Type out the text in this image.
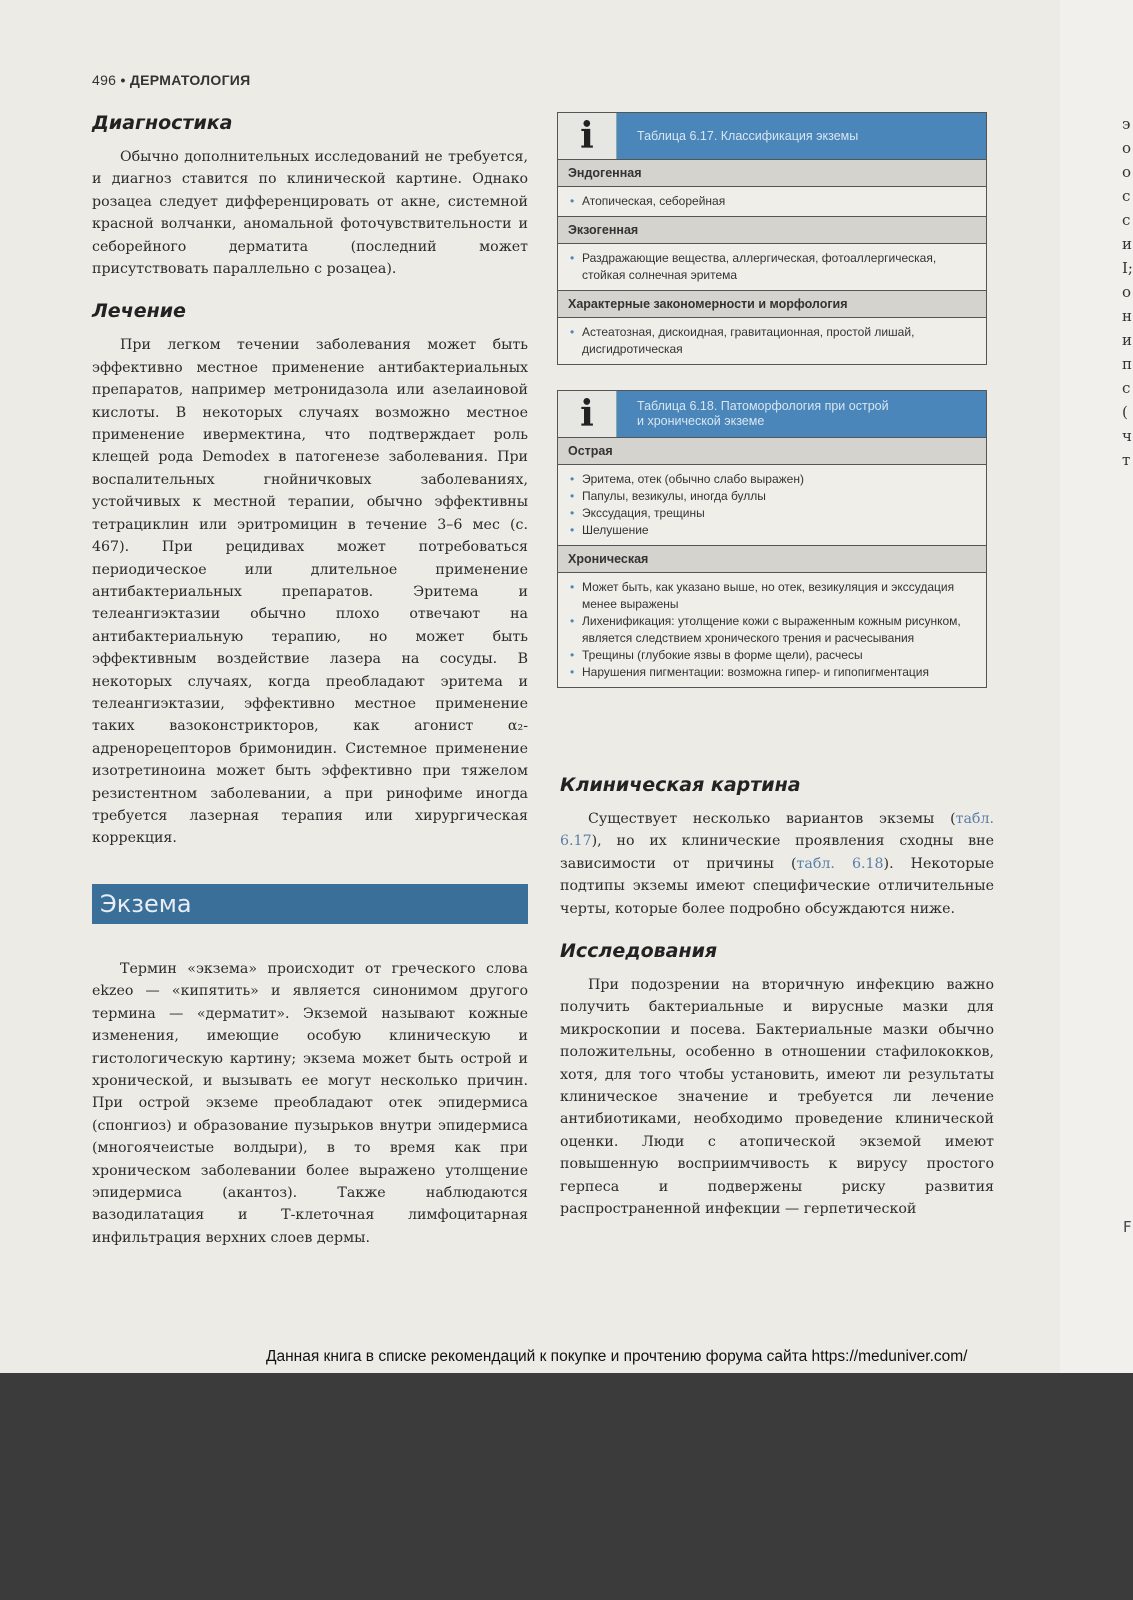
э
о
о
с
с
и
I;
о
н
и
п
с
(
ч
т
F
496 • ДЕРМАТОЛОГИЯ
Диагностика

Обычно дополнительных исследований не требуется, и диагноз ставится по клинической картине. Однако розацеа следует дифференцировать от акне, системной красной волчанки, аномальной фоточувствительности и себорейного дерматита (последний может присутствовать параллельно с розацеа).

Лечение

При легком течении заболевания может быть эффективно местное применение антибактериальных препаратов, например метронидазола или азелаиновой кислоты. В некоторых случаях возможно местное применение ивермектина, что подтверждает роль клещей рода Demodex в патогенезе заболевания. При воспалительных гнойничковых заболеваниях, устойчивых к местной терапии, обычно эффективны тетрациклин или эритромицин в течение 3–6 мес (с. 467). При рецидивах может потребоваться периодическое или длительное применение антибактериальных препаратов. Эритема и телеангиэктазии обычно плохо отвечают на антибактериальную терапию, но может быть эффективным воздействие лазера на сосуды. В некоторых случаях, когда преобладают эритема и телеангиэктазии, эффективно местное применение таких вазоконстрикторов, как агонист α₂-адренорецепторов бримонидин. Системное применение изотретиноина может быть эффективно при тяжелом резистентном заболевании, а при ринофиме иногда требуется лазерная терапия или хирургическая коррекция.

Экзема

Термин «экзема» происходит от греческого слова ekzeo — «кипятить» и является синонимом другого термина — «дерматит». Экземой называют кожные изменения, имеющие особую клиническую и гистологическую картину; экзема может быть острой и хронической, и вызывать ее могут несколько причин. При острой экземе преобладают отек эпидермиса (спонгиоз) и образование пузырьков внутри эпидермиса (многоячеистые волдыри), в то время как при хроническом заболевании более выражено утолщение эпидермиса (акантоз). Также наблюдаются вазодилатация и Т-клеточная лимфоцитарная инфильтрация верхних слоев дермы.

i	Таблица 6.17. Классификация экземы
Эндогенная
• Атопическая, себорейная
Экзогенная
• Раздражающие вещества, аллергическая, фотоаллергическая, стойкая солнечная эритема
Характерные закономерности и морфология
• Астеатозная, дискоидная, гравитационная, простой лишай, дисгидротическая
i	Таблица 6.18. Патоморфология при острой
и хронической экземе
Острая
• Эритема, отек (обычно слабо выражен)
• Папулы, везикулы, иногда буллы
• Экссудация, трещины
• Шелушение
Хроническая
• Может быть, как указано выше, но отек, везикуляция и экссудация менее выражены
• Лихенификация: утолщение кожи с выраженным кожным рисунком, является следствием хронического трения и расчесывания
• Трещины (глубокие язвы в форме щели), расчесы
• Нарушения пигментации: возможна гипер- и гипопигментация
Клиническая картина

Существует несколько вариантов экземы (табл. 6.17), но их клинические проявления сходны вне зависимости от причины (табл. 6.18). Некоторые подтипы экземы имеют специфические отличительные черты, которые более подробно обсуждаются ниже.

Исследования

При подозрении на вторичную инфекцию важно получить бактериальные и вирусные мазки для микроскопии и посева. Бактериальные мазки обычно положительны, особенно в отношении стафилококков, хотя, для того чтобы установить, имеют ли результаты клиническое значение и требуется ли лечение антибиотиками, необходимо проведение клинической оценки. Люди с атопической экземой имеют повышенную восприимчивость к вирусу простого герпеса и подвержены риску развития распространенной инфекции — герпетической

Данная книга в списке рекомендаций к покупке и прочтению форума сайта https://meduniver.com/
